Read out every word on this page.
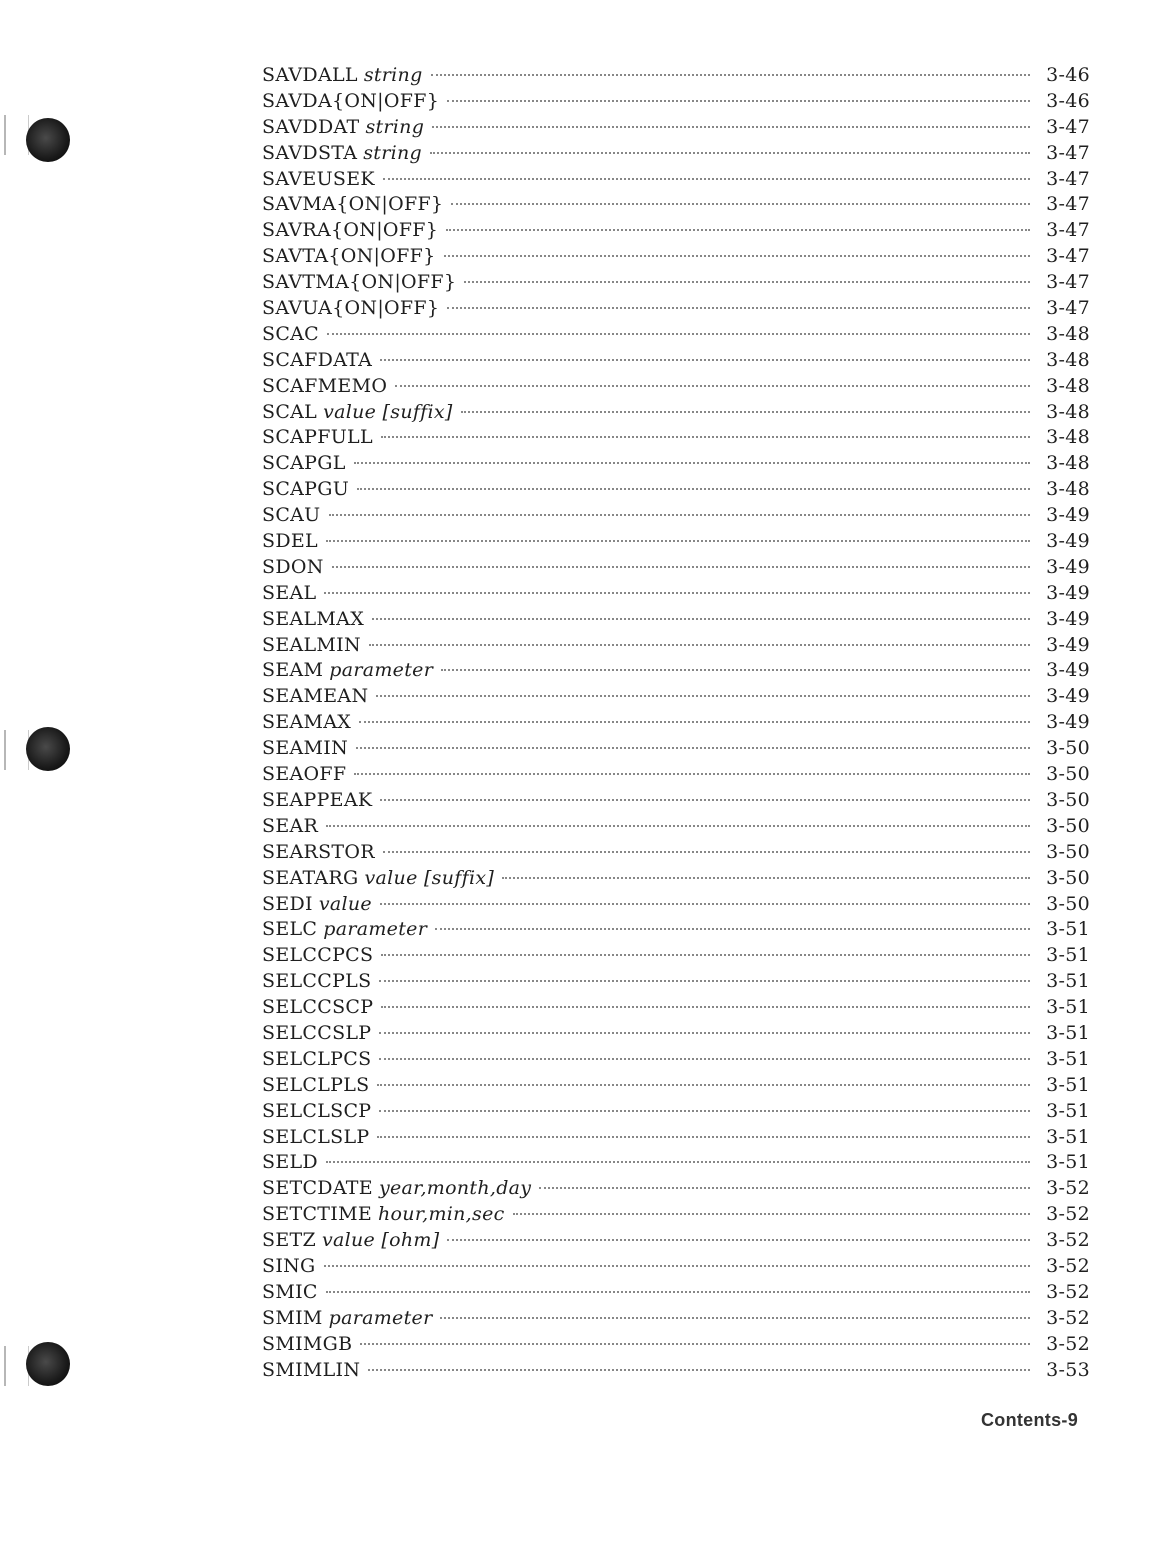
SAVDALL string	3-46
SAVDA{ON|OFF}	3-46
SAVDDAT string	3-47
SAVDSTA string	3-47
SAVEUSEK	3-47
SAVMA{ON|OFF}	3-47
SAVRA{ON|OFF}	3-47
SAVTA{ON|OFF}	3-47
SAVTMA{ON|OFF}	3-47
SAVUA{ON|OFF}	3-47
SCAC	3-48
SCAFDATA	3-48
SCAFMEMO	3-48
SCAL value [suffix]	3-48
SCAPFULL	3-48
SCAPGL	3-48
SCAPGU	3-48
SCAU	3-49
SDEL	3-49
SDON	3-49
SEAL	3-49
SEALMAX	3-49
SEALMIN	3-49
SEAM parameter	3-49
SEAMEAN	3-49
SEAMAX	3-49
SEAMIN	3-50
SEAOFF	3-50
SEAPPEAK	3-50
SEAR	3-50
SEARSTOR	3-50
SEATARG value [suffix]	3-50
SEDI value	3-50
SELC parameter	3-51
SELCCPCS	3-51
SELCCPLS	3-51
SELCCSCP	3-51
SELCCSLP	3-51
SELCLPCS	3-51
SELCLPLS	3-51
SELCLSCP	3-51
SELCLSLP	3-51
SELD	3-51
SETCDATE year,month,day	3-52
SETCTIME hour,min,sec	3-52
SETZ value [ohm]	3-52
SING	3-52
SMIC	3-52
SMIM parameter	3-52
SMIMGB	3-52
SMIMLIN	3-53
Contents-9
